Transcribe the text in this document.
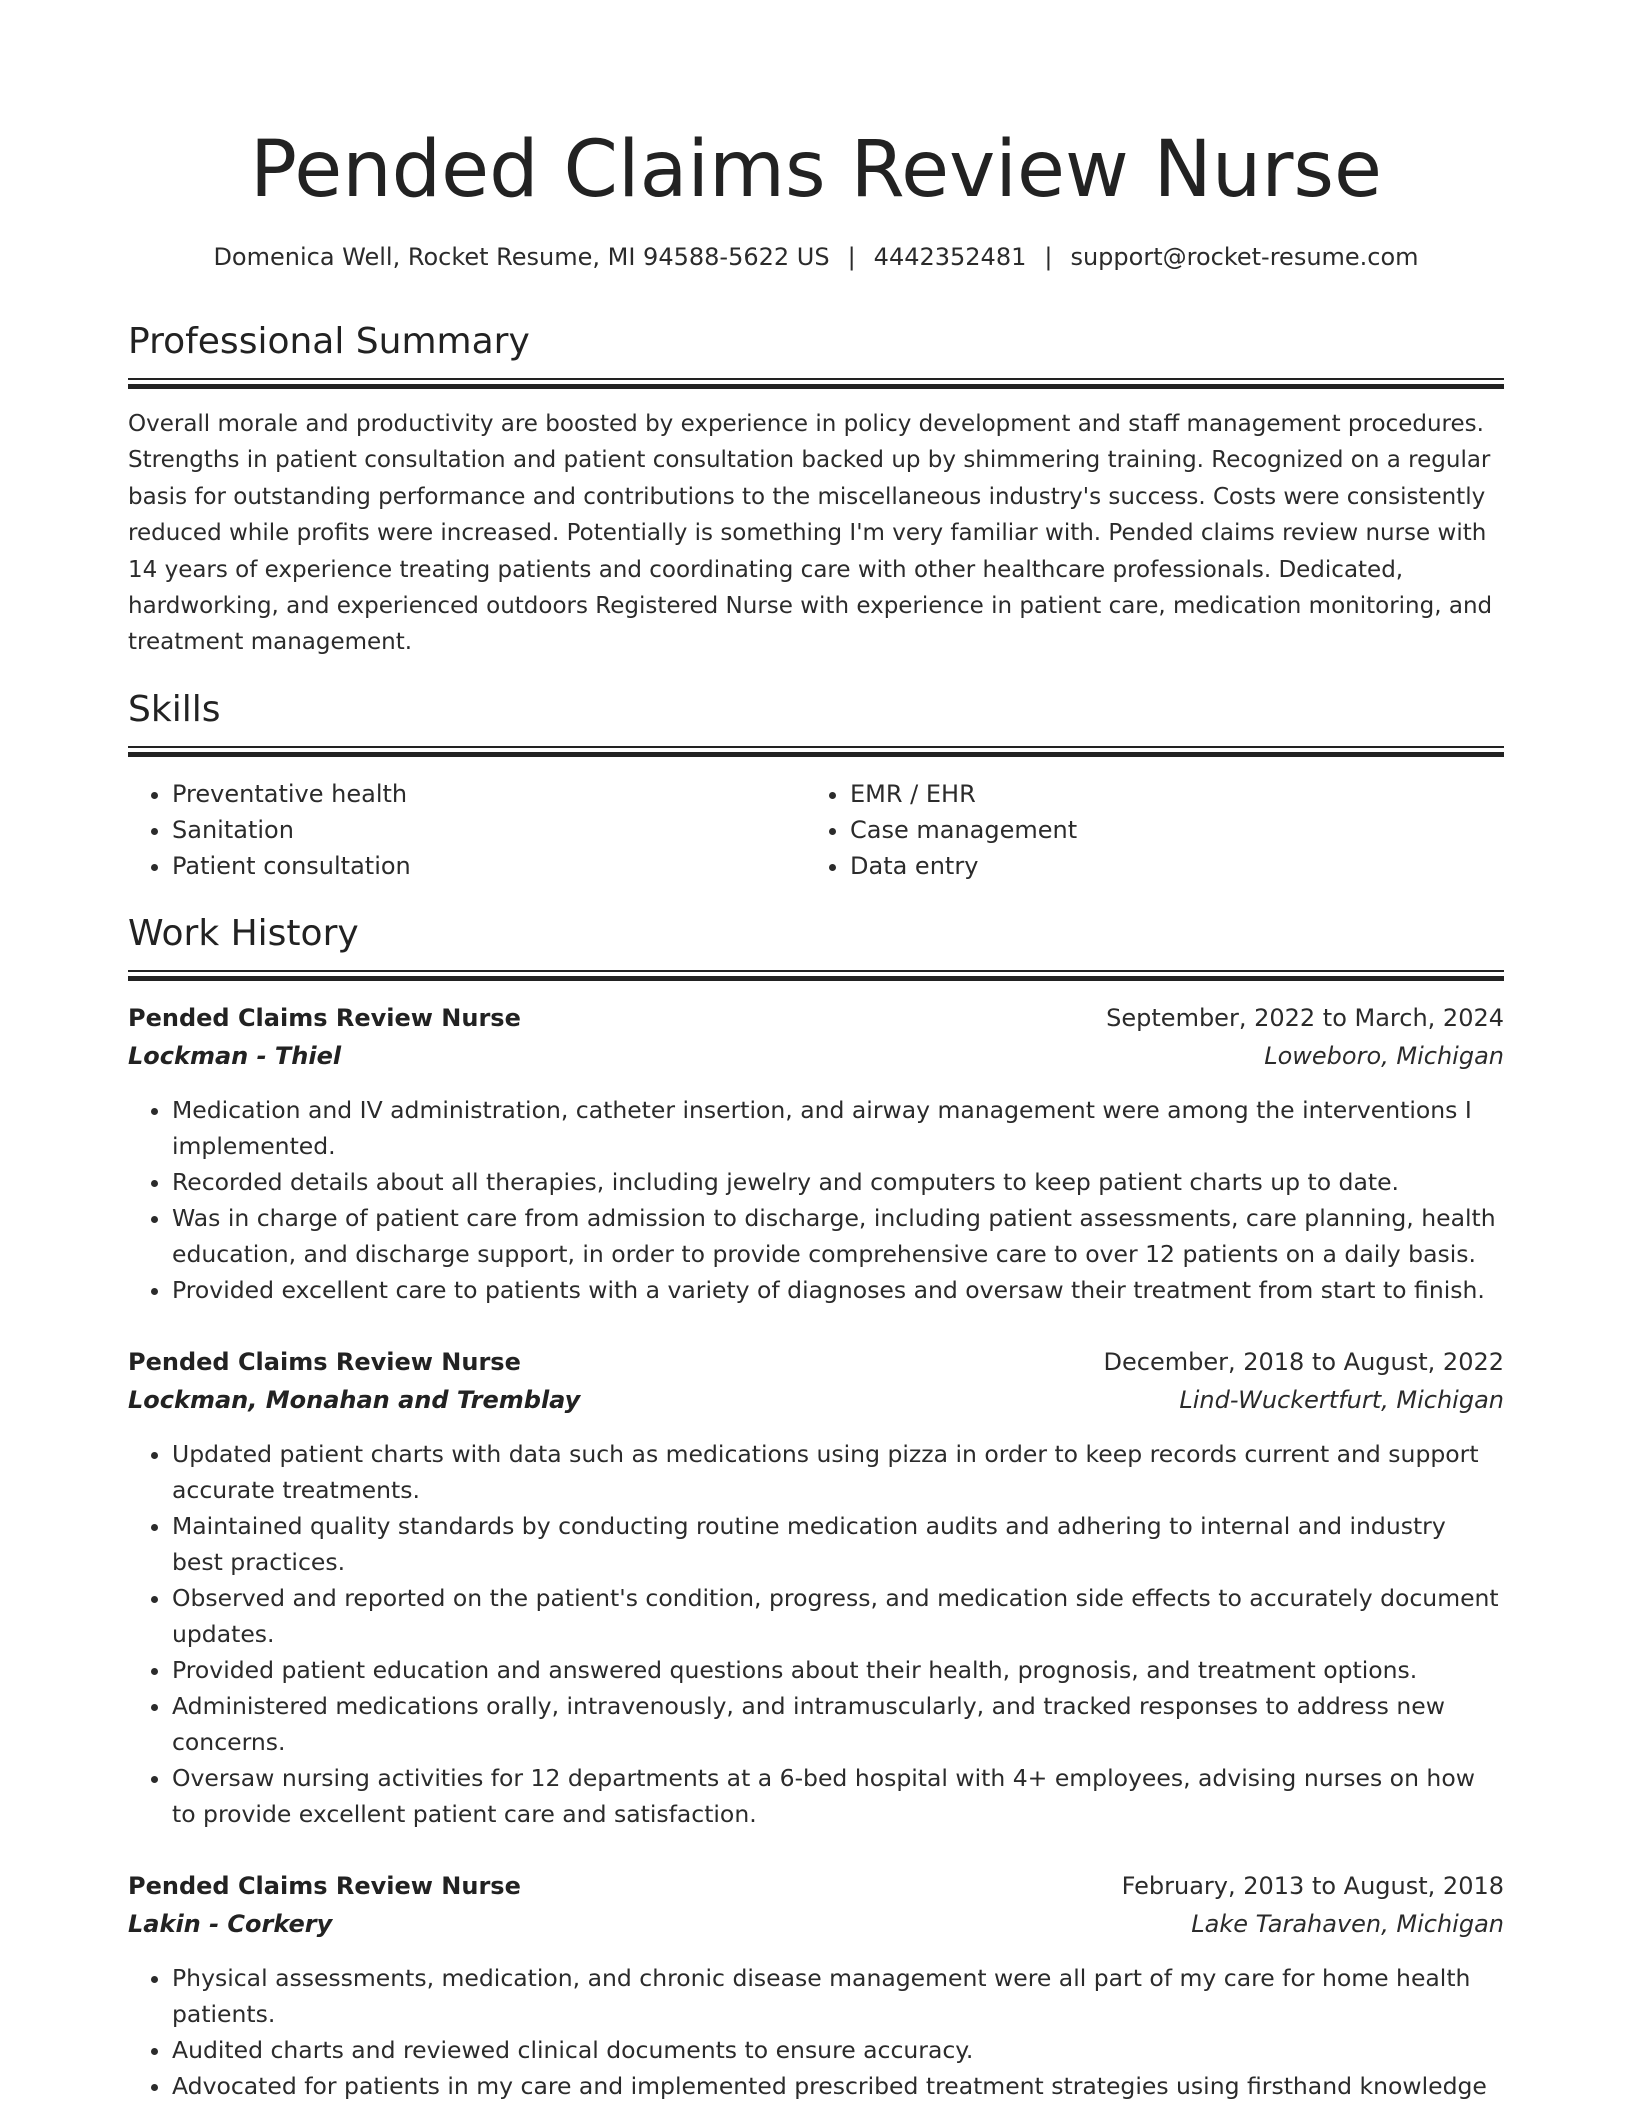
Pended Claims Review Nurse
Domenica Well, Rocket Resume, MI 94588-5622 US | 4442352481 | support@rocket-resume.com
Professional Summary

Overall morale and productivity are boosted by experience in policy development and staff management procedures. Strengths in patient consultation and patient consultation backed up by shimmering training. Recognized on a regular basis for outstanding performance and contributions to the miscellaneous industry's success. Costs were consistently reduced while profits were increased. Potentially is something I'm very familiar with. Pended claims review nurse with 14 years of experience treating patients and coordinating care with other healthcare professionals. Dedicated, hardworking, and experienced outdoors Registered Nurse with experience in patient care, medication monitoring, and treatment management.

Skills
• Preventative health
• Sanitation
• Patient consultation
• EMR / EHR
• Case management
• Data entry
Work History
Pended Claims Review Nurse	September, 2022 to March, 2024
Lockman - Thiel	Loweboro, Michigan
• Medication and IV administration, catheter insertion, and airway management were among the interventions I implemented.
• Recorded details about all therapies, including jewelry and computers to keep patient charts up to date.
• Was in charge of patient care from admission to discharge, including patient assessments, care planning, health education, and discharge support, in order to provide comprehensive care to over 12 patients on a daily basis.
• Provided excellent care to patients with a variety of diagnoses and oversaw their treatment from start to finish.
Pended Claims Review Nurse	December, 2018 to August, 2022
Lockman, Monahan and Tremblay	Lind-Wuckertfurt, Michigan
• Updated patient charts with data such as medications using pizza in order to keep records current and support accurate treatments.
• Maintained quality standards by conducting routine medication audits and adhering to internal and industry best practices.
• Observed and reported on the patient's condition, progress, and medication side effects to accurately document updates.
• Provided patient education and answered questions about their health, prognosis, and treatment options.
• Administered medications orally, intravenously, and intramuscularly, and tracked responses to address new concerns.
• Oversaw nursing activities for 12 departments at a 6-bed hospital with 4+ employees, advising nurses on how to provide excellent patient care and satisfaction.
Pended Claims Review Nurse	February, 2013 to August, 2018
Lakin - Corkery	Lake Tarahaven, Michigan
• Physical assessments, medication, and chronic disease management were all part of my care for home health patients.
• Audited charts and reviewed clinical documents to ensure accuracy.
• Advocated for patients in my care and implemented prescribed treatment strategies using firsthand knowledge
